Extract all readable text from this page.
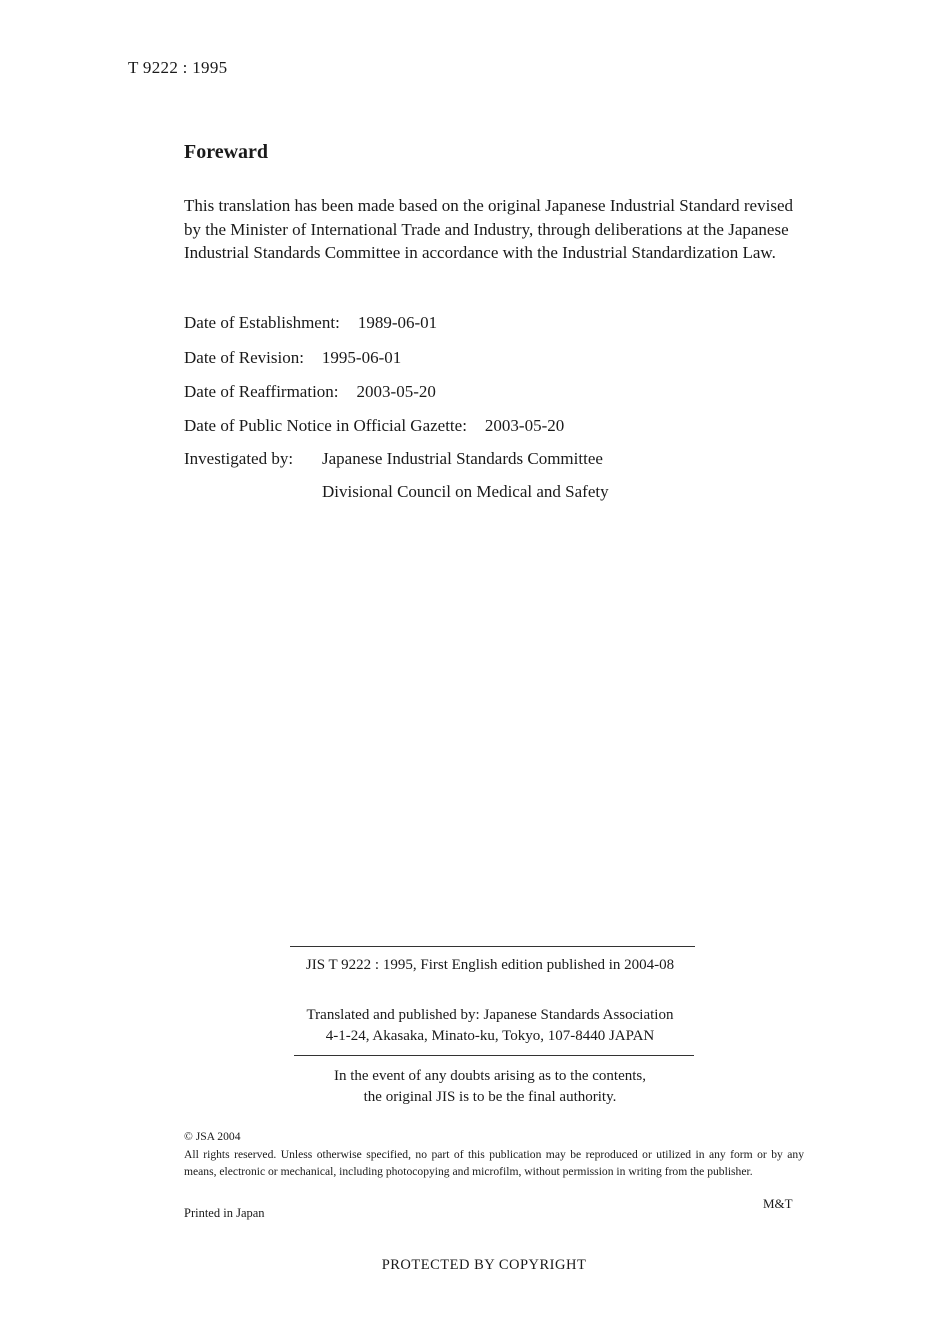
T 9222 : 1995
Foreward

This translation has been made based on the original Japanese Industrial Standard revised by the Minister of International Trade and Industry, through deliberations at the Japanese Industrial Standards Committee in accordance with the Industrial Standardization Law.

Date of Establishment: 1989-06-01
Date of Revision: 1995-06-01
Date of Reaffirmation: 2003-05-20
Date of Public Notice in Official Gazette: 2003-05-20
Investigated by: Japanese Industrial Standards Committee
Divisional Council on Medical and Safety
JIS T 9222 : 1995, First English edition published in 2004-08
Translated and published by: Japanese Standards Association
4-1-24, Akasaka, Minato-ku, Tokyo, 107-8440 JAPAN
In the event of any doubts arising as to the contents,
the original JIS is to be the final authority.
© JSA 2004
All rights reserved. Unless otherwise specified, no part of this publication may be reproduced or utilized in any form or by any means, electronic or mechanical, including photocopying and microfilm, without permission in writing from the publisher.
M&T
Printed in Japan
PROTECTED BY COPYRIGHT
